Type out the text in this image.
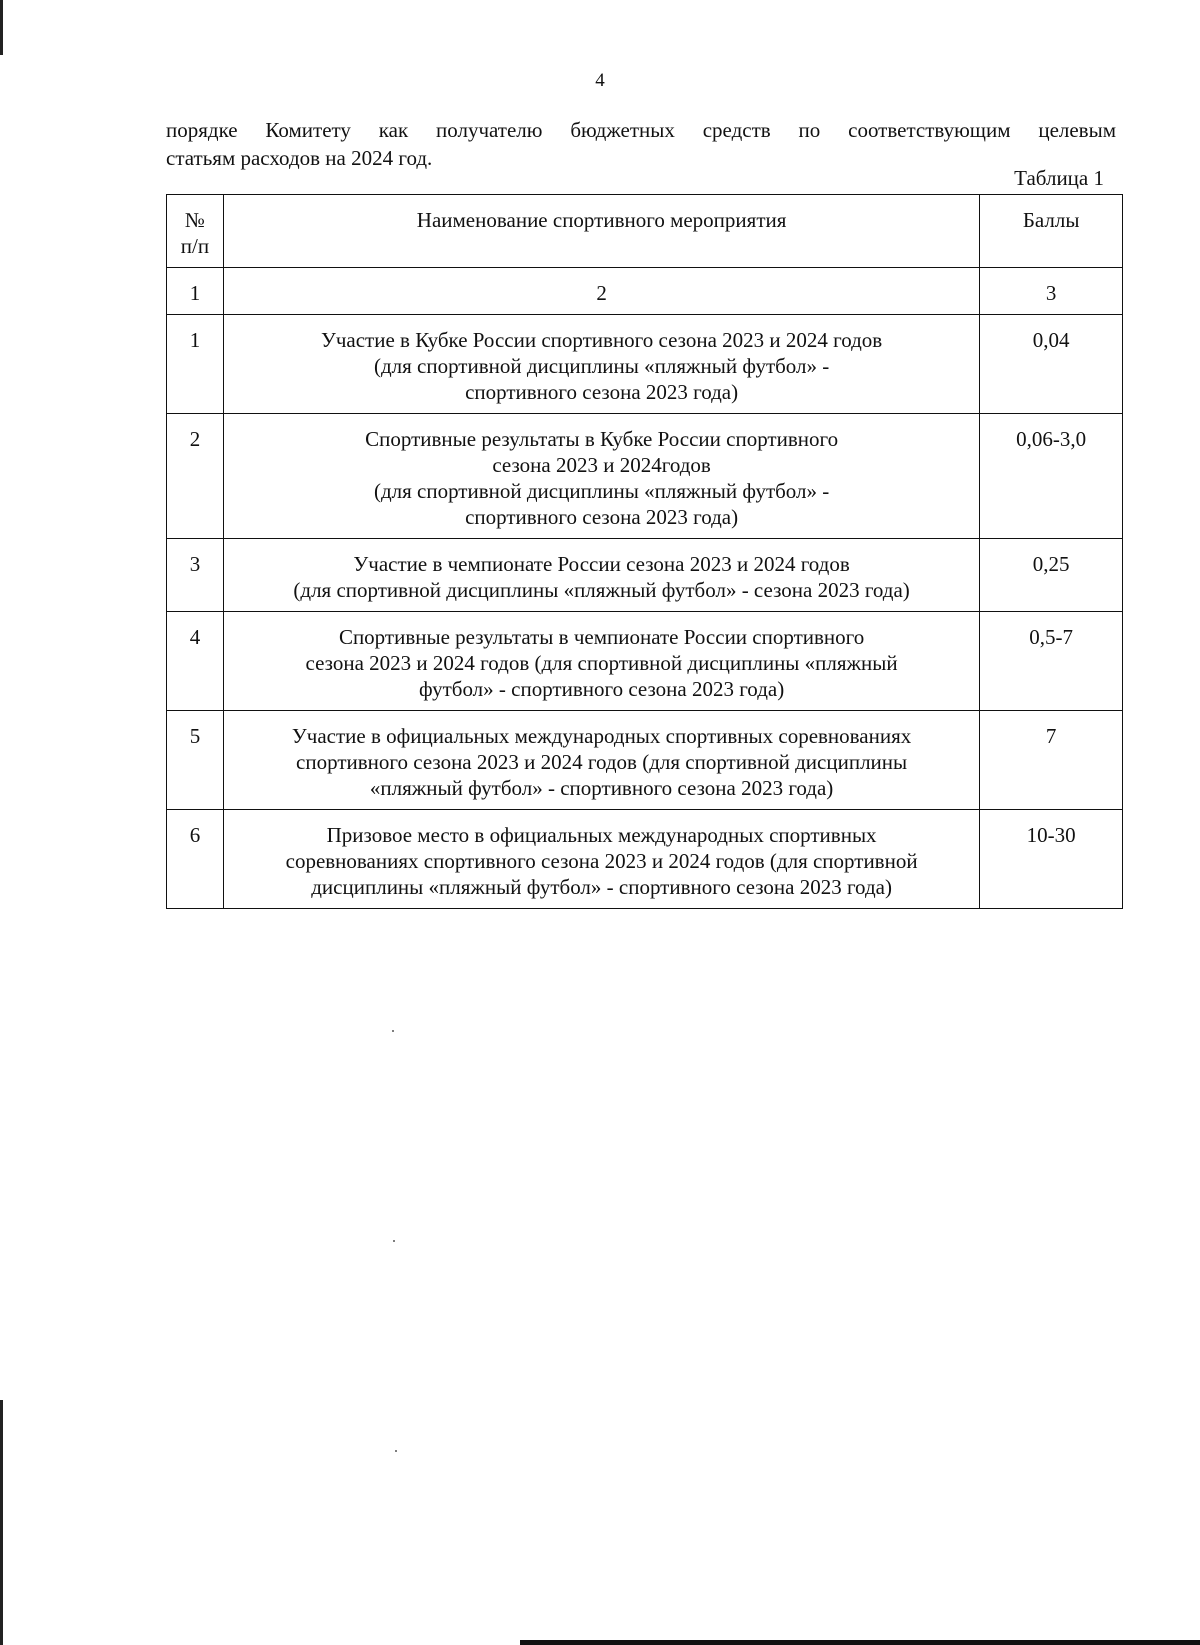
4
порядке Комитету как получателю бюджетных средств по соответствующим целевым
статьям расходов на 2024 год.
Таблица 1
№
п/п	Наименование спортивного мероприятия	Баллы
1	2	3
1	Участие в Кубке России спортивного сезона 2023 и 2024 годов
(для спортивной дисциплины «пляжный футбол» -
спортивного сезона 2023 года)	0,04
2	Спортивные результаты в Кубке России спортивного
сезона 2023 и 2024годов
(для спортивной дисциплины «пляжный футбол» -
спортивного сезона 2023 года)	0,06-3,0
3	Участие в чемпионате России сезона 2023 и 2024 годов
(для спортивной дисциплины «пляжный футбол» - сезона 2023 года)	0,25
4	Спортивные результаты в чемпионате России спортивного
сезона 2023 и 2024 годов (для спортивной дисциплины «пляжный
футбол» - спортивного сезона 2023 года)	0,5-7
5	Участие в официальных международных спортивных соревнованиях
спортивного сезона 2023 и 2024 годов (для спортивной дисциплины
«пляжный футбол» - спортивного сезона 2023 года)	7
6	Призовое место в официальных международных спортивных
соревнованиях спортивного сезона 2023 и 2024 годов (для спортивной
дисциплины «пляжный футбол» - спортивного сезона 2023 года)	10-30
